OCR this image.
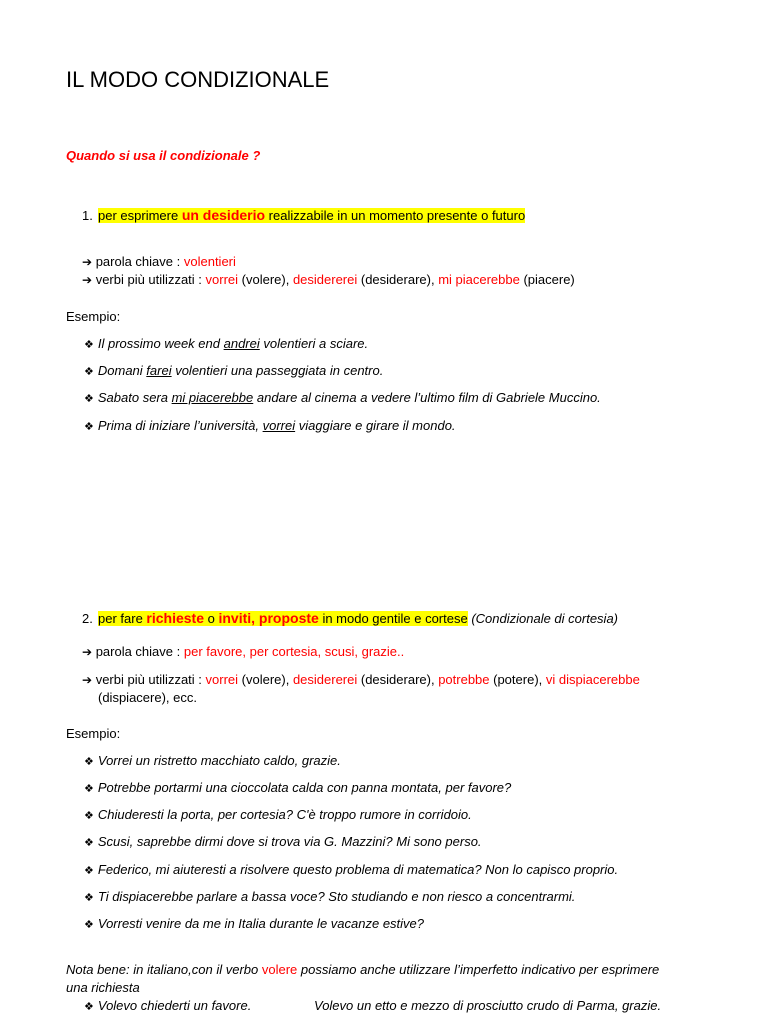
IL MODO CONDIZIONALE
Quando si usa il condizionale ?
1. per esprimere un desiderio realizzabile in un momento presente o futuro
➔ parola chiave : volentieri
➔ verbi più utilizzati : vorrei (volere), desidererei (desiderare), mi piacerebbe (piacere)
Esempio:
❖ Il prossimo week end andrei volentieri a sciare.
❖ Domani farei volentieri una passeggiata in centro.
❖ Sabato sera mi piacerebbe andare al cinema a vedere l’ultimo film di Gabriele Muccino.
❖ Prima di iniziare l’università, vorrei viaggiare e girare il mondo.
2. per fare richieste o inviti, proposte in modo gentile e cortese (Condizionale di cortesia)
➔ parola chiave : per favore, per cortesia, scusi, grazie..
➔ verbi più utilizzati : vorrei (volere), desidererei (desiderare), potrebbe (potere), vi dispiacerebbe
(dispiacere), ecc.
Esempio:
❖ Vorrei un ristretto macchiato caldo, grazie.
❖ Potrebbe portarmi una cioccolata calda con panna montata, per favore?
❖ Chiuderesti la porta, per cortesia? C'è troppo rumore in corridoio.
❖ Scusi, saprebbe dirmi dove si trova via G. Mazzini? Mi sono perso.
❖ Federico, mi aiuteresti a risolvere questo problema di matematica? Non lo capisco proprio.
❖ Ti dispiacerebbe parlare a bassa voce? Sto studiando e non riesco a concentrarmi.
❖ Vorresti venire da me in Italia durante le vacanze estive?
Nota bene: in italiano,con il verbo volere possiamo anche utilizzare l’imperfetto indicativo per esprimere
una richiesta
❖ Volevo chiederti un favore.	Volevo un etto e mezzo di prosciutto crudo di Parma, grazie.
